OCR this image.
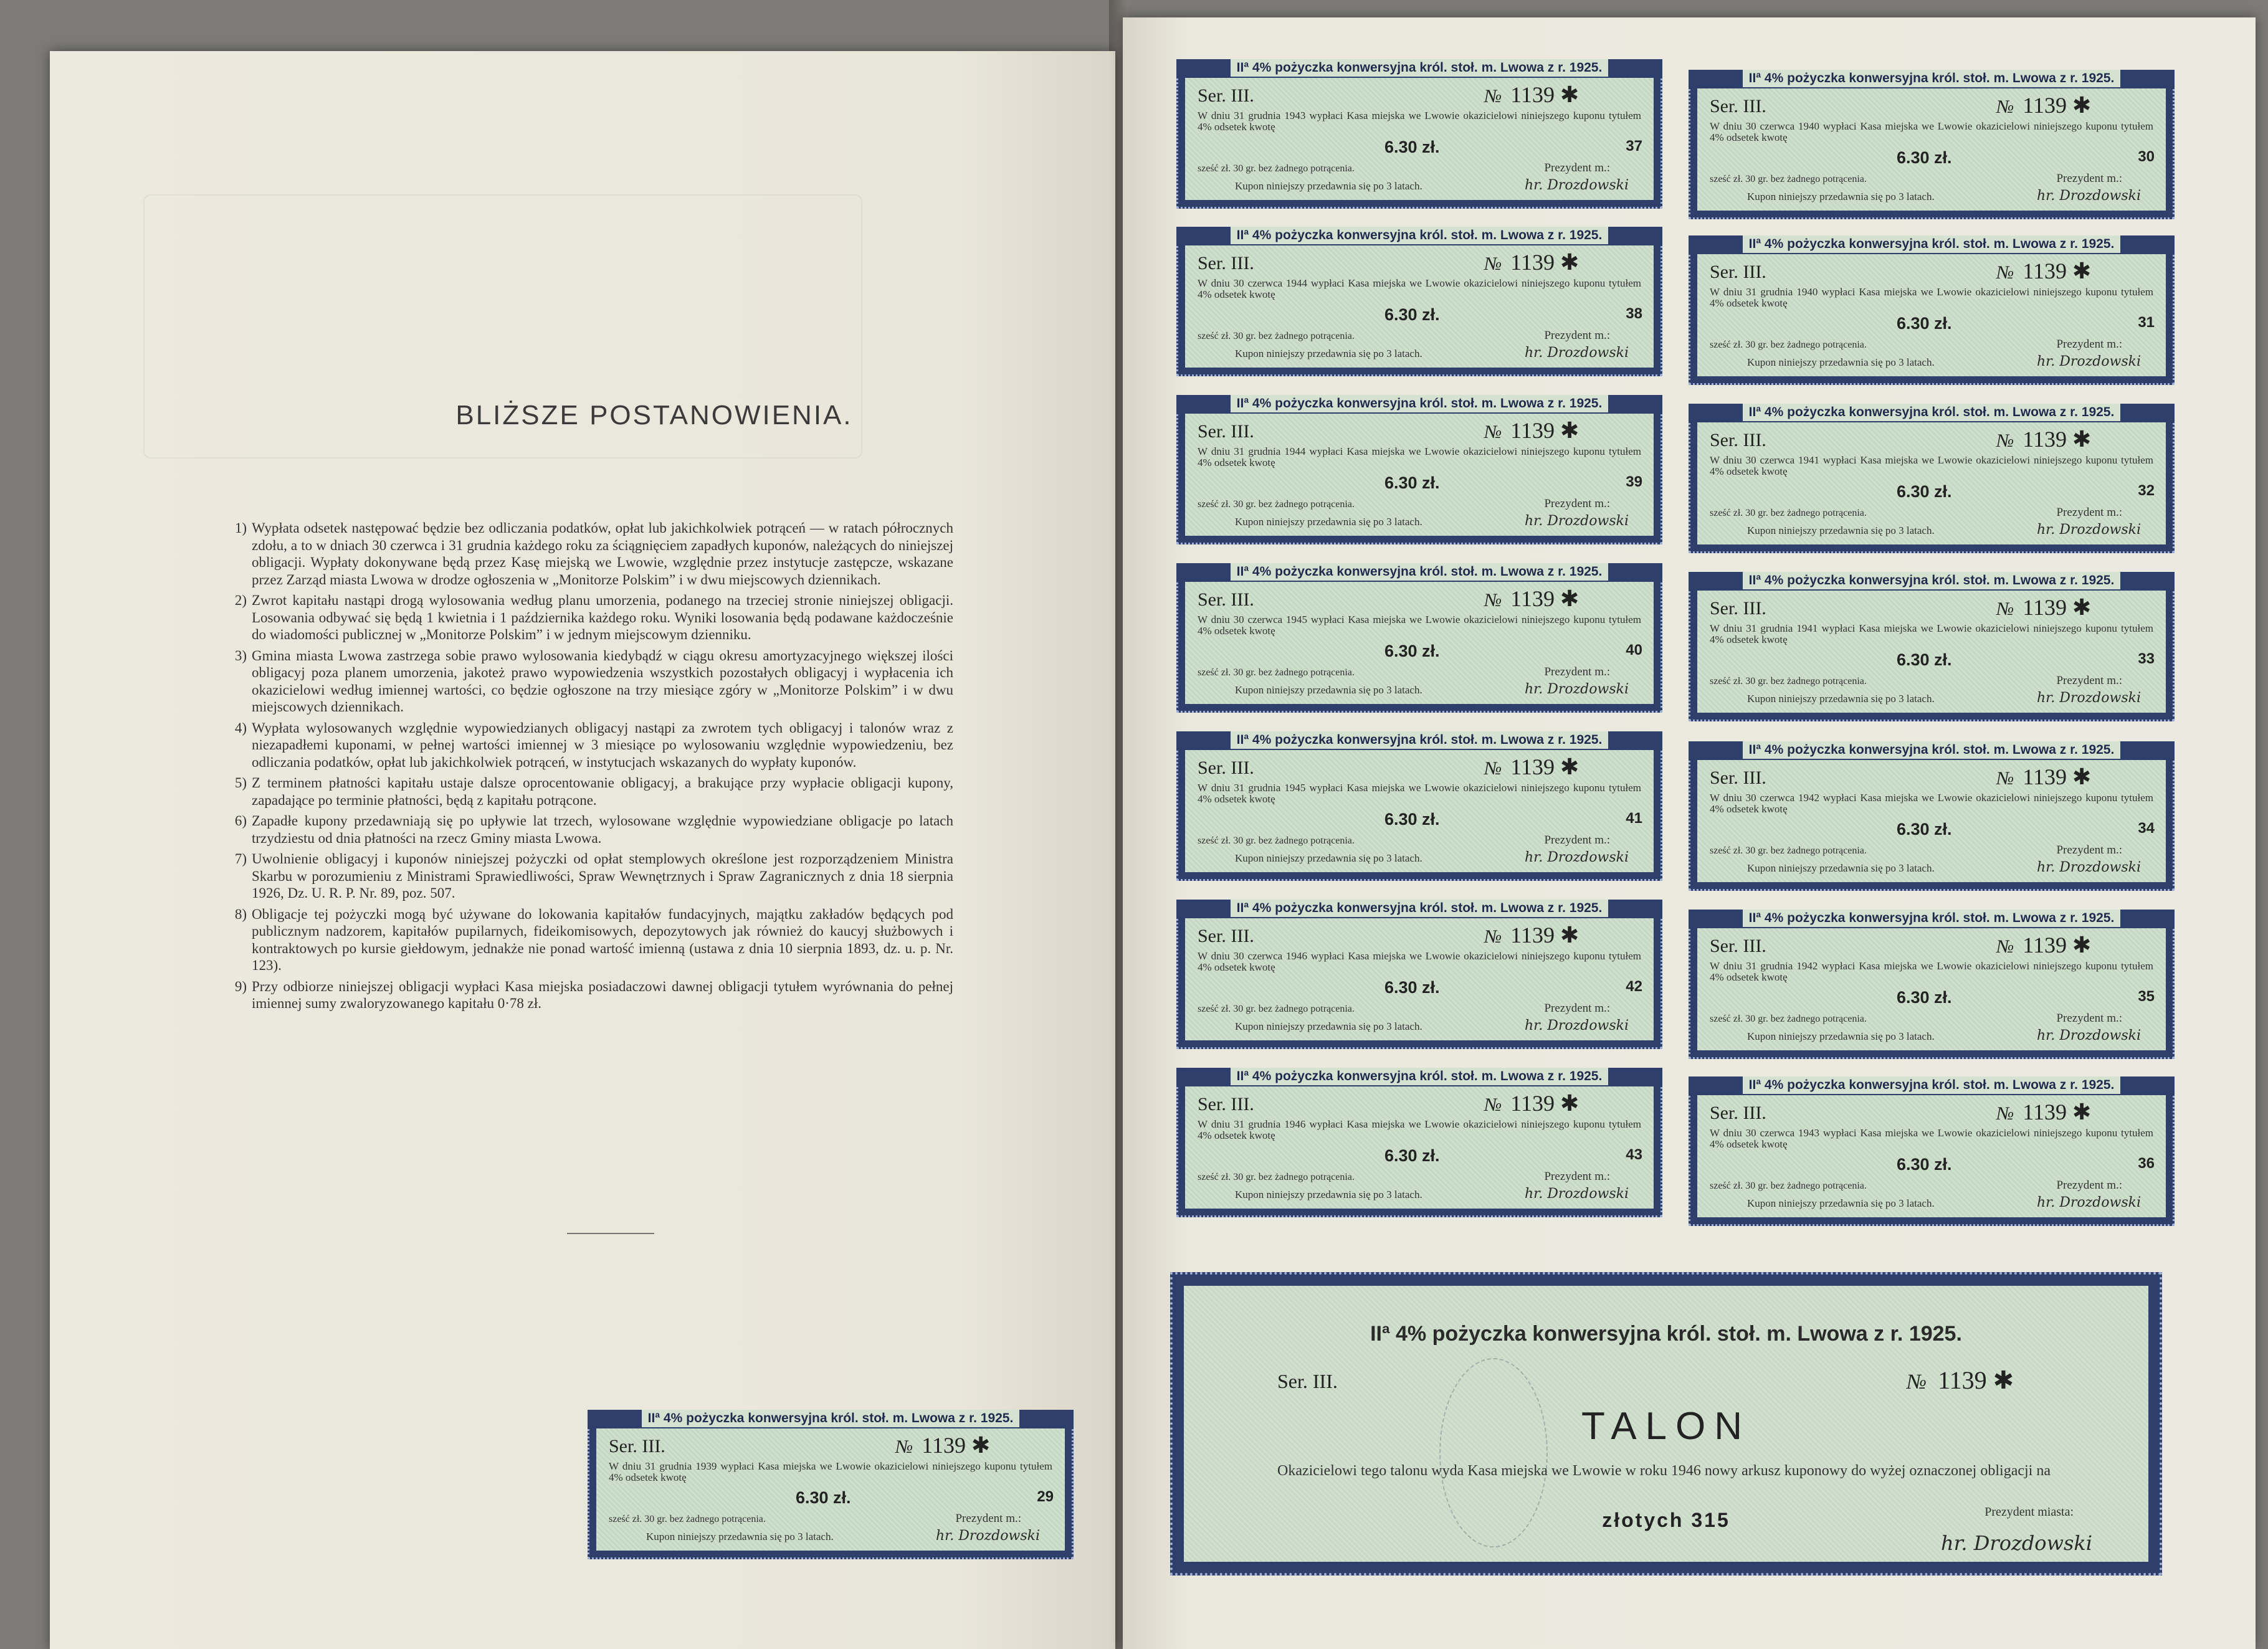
BLIŻSZE POSTANOWIENIA.
1) Wypłata odsetek następować będzie bez odliczania podatków, opłat lub jakichkolwiek potrąceń — w ratach półrocznych zdołu, a to w dniach 30 czerwca i 31 grudnia każdego roku za ściągnięciem zapadłych kuponów, należących do niniejszej obligacji. Wypłaty dokonywane będą przez Kasę miejską we Lwowie, względnie przez instytucje zastępcze, wskazane przez Zarząd miasta Lwowa w drodze ogłoszenia w „Monitorze Polskim” i w dwu miejscowych dziennikach.
2) Zwrot kapitału nastąpi drogą wylosowania według planu umorzenia, podanego na trzeciej stronie niniejszej obligacji. Losowania odbywać się będą 1 kwietnia i 1 października każdego roku. Wyniki losowania będą podawane każdocześnie do wiadomości publicznej w „Monitorze Polskim” i w jednym miejscowym dzienniku.
3) Gmina miasta Lwowa zastrzega sobie prawo wylosowania kiedybądź w ciągu okresu amortyzacyjnego większej ilości obligacyj poza planem umorzenia, jakoteż prawo wypowiedzenia wszystkich pozostałych obligacyj i wypłacenia ich okazicielowi według imiennej wartości, co będzie ogłoszone na trzy miesiące zgóry w „Monitorze Polskim” i w dwu miejscowych dziennikach.
4) Wypłata wylosowanych względnie wypowiedzianych obligacyj nastąpi za zwrotem tych obligacyj i talonów wraz z niezapadłemi kuponami, w pełnej wartości imiennej w 3 miesiące po wylosowaniu względnie wypowiedzeniu, bez odliczania podatków, opłat lub jakichkolwiek potrąceń, w instytucjach wskazanych do wypłaty kuponów.
5) Z terminem płatności kapitału ustaje dalsze oprocentowanie obligacyj, a brakujące przy wypłacie obligacji kupony, zapadające po terminie płatności, będą z kapitału potrącone.
6) Zapadłe kupony przedawniają się po upływie lat trzech, wylosowane względnie wypowiedziane obligacje po latach trzydziestu od dnia płatności na rzecz Gminy miasta Lwowa.
7) Uwolnienie obligacyj i kuponów niniejszej pożyczki od opłat stemplowych określone jest rozporządzeniem Ministra Skarbu w porozumieniu z Ministrami Sprawiedliwości, Spraw Wewnętrznych i Spraw Zagranicznych z dnia 18 sierpnia 1926, Dz. U. R. P. Nr. 89, poz. 507.
8) Obligacje tej pożyczki mogą być używane do lokowania kapitałów fundacyjnych, majątku zakładów będących pod publicznym nadzorem, kapitałów pupilarnych, fideikomisowych, depozytowych jak również do kaucyj służbowych i kontraktowych po kursie giełdowym, jednakże nie ponad wartość imienną (ustawa z dnia 10 sierpnia 1893, dz. u. p. Nr. 123).
9) Przy odbiorze niniejszej obligacji wypłaci Kasa miejska posiadaczowi dawnej obligacji tytułem wyrównania do pełnej imiennej sumy zwaloryzowanego kapitału 0·78 zł.
IIª 4% pożyczka konwersyjna król. stoł. m. Lwowa z r. 1925.
Ser. III.	№ 1139 ✱
W dniu 31 grudnia 1943 wypłaci Kasa miejska we Lwowie okazicielowi niniejszego kuponu tytułem 4% odsetek kwotę
6.30 zł.	37
sześć zł. 30 gr. bez żadnego potrącenia.	Prezydent m.:
Kupon niniejszy przedawnia się po 3 latach.	hr. Drozdowski
IIª 4% pożyczka konwersyjna król. stoł. m. Lwowa z r. 1925.
Ser. III.	№ 1139 ✱
W dniu 30 czerwca 1944 wypłaci Kasa miejska we Lwowie okazicielowi niniejszego kuponu tytułem 4% odsetek kwotę
6.30 zł.	38
sześć zł. 30 gr. bez żadnego potrącenia.	Prezydent m.:
Kupon niniejszy przedawnia się po 3 latach.	hr. Drozdowski
IIª 4% pożyczka konwersyjna król. stoł. m. Lwowa z r. 1925.
Ser. III.	№ 1139 ✱
W dniu 31 grudnia 1944 wypłaci Kasa miejska we Lwowie okazicielowi niniejszego kuponu tytułem 4% odsetek kwotę
6.30 zł.	39
sześć zł. 30 gr. bez żadnego potrącenia.	Prezydent m.:
Kupon niniejszy przedawnia się po 3 latach.	hr. Drozdowski
IIª 4% pożyczka konwersyjna król. stoł. m. Lwowa z r. 1925.
Ser. III.	№ 1139 ✱
W dniu 30 czerwca 1945 wypłaci Kasa miejska we Lwowie okazicielowi niniejszego kuponu tytułem 4% odsetek kwotę
6.30 zł.	40
sześć zł. 30 gr. bez żadnego potrącenia.	Prezydent m.:
Kupon niniejszy przedawnia się po 3 latach.	hr. Drozdowski
IIª 4% pożyczka konwersyjna król. stoł. m. Lwowa z r. 1925.
Ser. III.	№ 1139 ✱
W dniu 31 grudnia 1945 wypłaci Kasa miejska we Lwowie okazicielowi niniejszego kuponu tytułem 4% odsetek kwotę
6.30 zł.	41
sześć zł. 30 gr. bez żadnego potrącenia.	Prezydent m.:
Kupon niniejszy przedawnia się po 3 latach.	hr. Drozdowski
IIª 4% pożyczka konwersyjna król. stoł. m. Lwowa z r. 1925.
Ser. III.	№ 1139 ✱
W dniu 30 czerwca 1946 wypłaci Kasa miejska we Lwowie okazicielowi niniejszego kuponu tytułem 4% odsetek kwotę
6.30 zł.	42
sześć zł. 30 gr. bez żadnego potrącenia.	Prezydent m.:
Kupon niniejszy przedawnia się po 3 latach.	hr. Drozdowski
IIª 4% pożyczka konwersyjna król. stoł. m. Lwowa z r. 1925.
Ser. III.	№ 1139 ✱
W dniu 31 grudnia 1946 wypłaci Kasa miejska we Lwowie okazicielowi niniejszego kuponu tytułem 4% odsetek kwotę
6.30 zł.	43
sześć zł. 30 gr. bez żadnego potrącenia.	Prezydent m.:
Kupon niniejszy przedawnia się po 3 latach.	hr. Drozdowski
IIª 4% pożyczka konwersyjna król. stoł. m. Lwowa z r. 1925.
Ser. III.	№ 1139 ✱
W dniu 30 czerwca 1940 wypłaci Kasa miejska we Lwowie okazicielowi niniejszego kuponu tytułem 4% odsetek kwotę
6.30 zł.	30
sześć zł. 30 gr. bez żadnego potrącenia.	Prezydent m.:
Kupon niniejszy przedawnia się po 3 latach.	hr. Drozdowski
IIª 4% pożyczka konwersyjna król. stoł. m. Lwowa z r. 1925.
Ser. III.	№ 1139 ✱
W dniu 31 grudnia 1940 wypłaci Kasa miejska we Lwowie okazicielowi niniejszego kuponu tytułem 4% odsetek kwotę
6.30 zł.	31
sześć zł. 30 gr. bez żadnego potrącenia.	Prezydent m.:
Kupon niniejszy przedawnia się po 3 latach.	hr. Drozdowski
IIª 4% pożyczka konwersyjna król. stoł. m. Lwowa z r. 1925.
Ser. III.	№ 1139 ✱
W dniu 30 czerwca 1941 wypłaci Kasa miejska we Lwowie okazicielowi niniejszego kuponu tytułem 4% odsetek kwotę
6.30 zł.	32
sześć zł. 30 gr. bez żadnego potrącenia.	Prezydent m.:
Kupon niniejszy przedawnia się po 3 latach.	hr. Drozdowski
IIª 4% pożyczka konwersyjna król. stoł. m. Lwowa z r. 1925.
Ser. III.	№ 1139 ✱
W dniu 31 grudnia 1941 wypłaci Kasa miejska we Lwowie okazicielowi niniejszego kuponu tytułem 4% odsetek kwotę
6.30 zł.	33
sześć zł. 30 gr. bez żadnego potrącenia.	Prezydent m.:
Kupon niniejszy przedawnia się po 3 latach.	hr. Drozdowski
IIª 4% pożyczka konwersyjna król. stoł. m. Lwowa z r. 1925.
Ser. III.	№ 1139 ✱
W dniu 30 czerwca 1942 wypłaci Kasa miejska we Lwowie okazicielowi niniejszego kuponu tytułem 4% odsetek kwotę
6.30 zł.	34
sześć zł. 30 gr. bez żadnego potrącenia.	Prezydent m.:
Kupon niniejszy przedawnia się po 3 latach.	hr. Drozdowski
IIª 4% pożyczka konwersyjna król. stoł. m. Lwowa z r. 1925.
Ser. III.	№ 1139 ✱
W dniu 31 grudnia 1942 wypłaci Kasa miejska we Lwowie okazicielowi niniejszego kuponu tytułem 4% odsetek kwotę
6.30 zł.	35
sześć zł. 30 gr. bez żadnego potrącenia.	Prezydent m.:
Kupon niniejszy przedawnia się po 3 latach.	hr. Drozdowski
IIª 4% pożyczka konwersyjna król. stoł. m. Lwowa z r. 1925.
Ser. III.	№ 1139 ✱
W dniu 30 czerwca 1943 wypłaci Kasa miejska we Lwowie okazicielowi niniejszego kuponu tytułem 4% odsetek kwotę
6.30 zł.	36
sześć zł. 30 gr. bez żadnego potrącenia.	Prezydent m.:
Kupon niniejszy przedawnia się po 3 latach.	hr. Drozdowski
IIª 4% pożyczka konwersyjna król. stoł. m. Lwowa z r. 1925.
Ser. III.	№ 1139 ✱
W dniu 31 grudnia 1939 wypłaci Kasa miejska we Lwowie okazicielowi niniejszego kuponu tytułem 4% odsetek kwotę
6.30 zł.	29
sześć zł. 30 gr. bez żadnego potrącenia.	Prezydent m.:
Kupon niniejszy przedawnia się po 3 latach.	hr. Drozdowski
IIª 4% pożyczka konwersyjna król. stoł. m. Lwowa z r. 1925.
Ser. III.	№ 1139 ✱
TALON
Okazicielowi tego talonu wyda Kasa miejska we Lwowie w roku 1946 nowy arkusz kuponowy do wyżej oznaczonej obligacji na
złotych 315	Prezydent miasta:
hr. Drozdowski
